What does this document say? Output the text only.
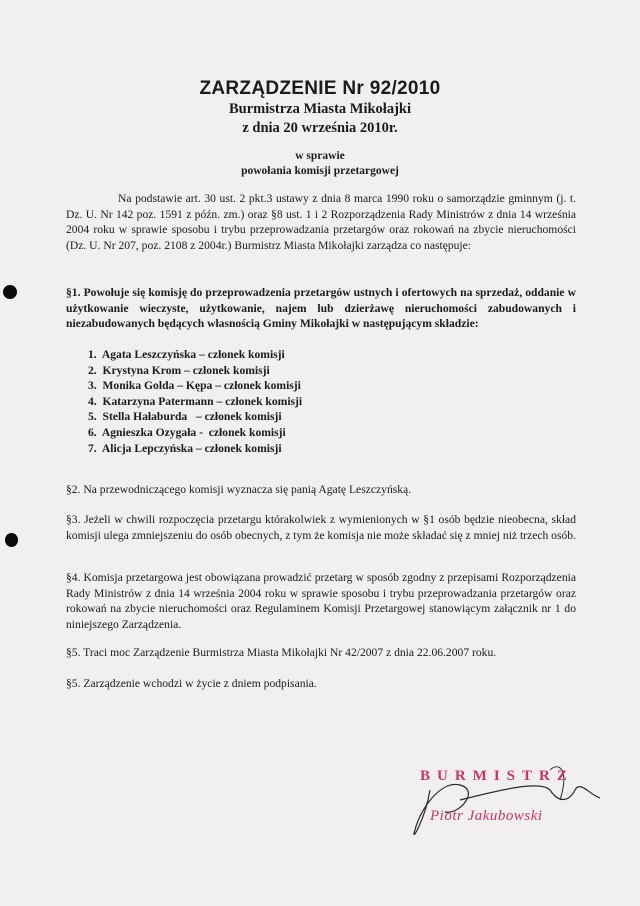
ZARZĄDZENIE Nr 92/2010
Burmistrza Miasta Mikołajki
z dnia 20 września 2010r.
w sprawie
powołania komisji przetargowej
Na podstawie art. 30 ust. 2 pkt.3 ustawy z dnia 8 marca 1990 roku o samorządzie gminnym (j. t. Dz. U. Nr 142 poz. 1591 z późn. zm.) oraz §8 ust. 1 i 2 Rozporządzenia Rady Ministrów z dnia 14 września 2004 roku w sprawie sposobu i trybu przeprowadzania przetargów oraz rokowań na zbycie nieruchomości (Dz. U. Nr 207, poz. 2108 z 2004r.) Burmistrz Miasta Mikołajki zarządza co następuje:
§1. Powołuje się komisję do przeprowadzenia przetargów ustnych i ofertowych na sprzedaż, oddanie w użytkowanie wieczyste, użytkowanie, najem lub dzierżawę nieruchomości zabudowanych i niezabudowanych będących własnością Gminy Mikołajki w następującym składzie:
1.  Agata Leszczyńska – członek komisji
2.  Krystyna Krom – członek komisji
3.  Monika Golda – Kępa – członek komisji
4.  Katarzyna Patermann – członek komisji
5.  Stella Hałaburda   – członek komisji
6.  Agnieszka Ozygała -  członek komisji
7.  Alicja Lepczyńska – członek komisji
§2. Na przewodniczącego komisji wyznacza się panią Agatę Leszczyńską.
§3. Jeżeli w chwili rozpoczęcia przetargu którakolwiek z wymienionych w §1 osób będzie nieobecna, skład komisji ulega zmniejszeniu do osób obecnych, z tym że komisja nie może składać się z mniej niż trzech osób.
§4. Komisja przetargowa jest obowiązana prowadzić przetarg w sposób zgodny z przepisami Rozporządzenia Rady Ministrów z dnia 14 września 2004 roku w sprawie sposobu i trybu przeprowadzania przetargów oraz rokowań na zbycie nieruchomości oraz Regulaminem Komisji Przetargowej stanowiącym załącznik nr 1 do niniejszego Zarządzenia.
§5. Traci moc Zarządzenie Burmistrza Miasta Mikołajki Nr 42/2007 z dnia 22.06.2007 roku.
§5. Zarządzenie wchodzi w życie z dniem podpisania.
BURMISTRZ
Piotr Jakubowski
